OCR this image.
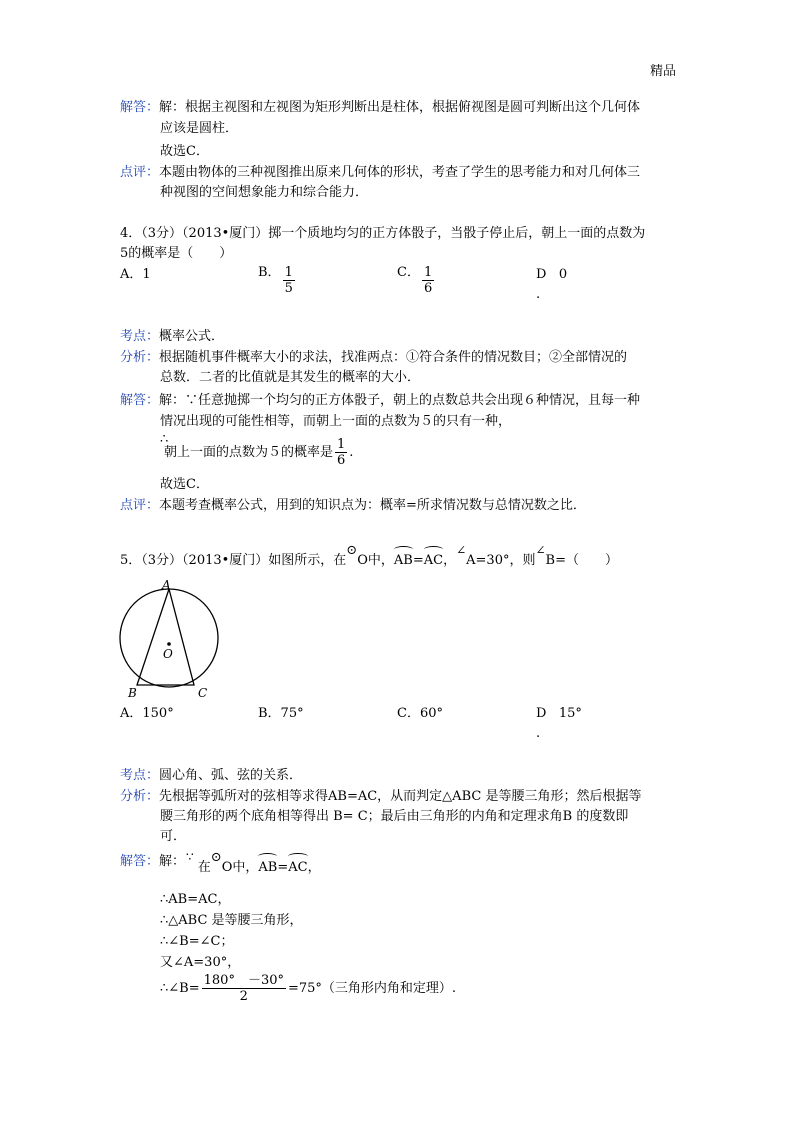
精品
解答：解：根据主视图和左视图为矩形判断出是柱体，根据俯视图是圆可判断出这个几何体
应该是圆柱．
故选C．
点评：本题由物体的三种视图推出原来几何体的形状，考查了学生的思考能力和对几何体三
种视图的空间想象能力和综合能力．
4．（3分）（2013•厦门）掷一个质地均匀的正方体骰子，当骰子停止后，朝上一面的点数为
5的概率是（　　）
A．1	B． $\frac{1}{5}$	C． $\frac{1}{6}$	D 0
.
考点：概率公式．
分析：根据随机事件概率大小的求法，找准两点：①符合条件的情况数目；②全部情况的
总数．二者的比值就是其发生的概率的大小．
解答：解：∵任意抛掷一个均匀的正方体骰子，朝上的点数总共会出现６种情况，且每一种
情况出现的可能性相等，而朝上一面的点数为５的只有一种，
∴
朝上一面的点数为５的概率是 $\frac{1}{6}$ .
故选C．
点评：本题考查概率公式，用到的知识点为：概率=所求情况数与总情况数之比．
5．（3分）（2013•厦门）如图所示，在⊙O中，AB=AC，∠A=30°，则∠B=（　　）
A
O
B	C
A．150°	B．75°	C．60°	D 15°
.
考点：圆心角、弧、弦的关系．
分析：先根据等弧所对的弦相等求得AB=AC，从而判定△ABC 是等腰三角形；然后根据等
腰三角形的两个底角相等得出 B= C；最后由三角形的内角和定理求角B 的度数即
可．
解答：解： ∵ 在⊙O中，AB=AC，
∴AB=AC，
∴△ABC 是等腰三角形，
∴∠B=∠C；
又∠A=30°，
∴∠B= $\frac{180^\circ -30^\circ}{2} =75^\circ$（三角形内角和定理）.
